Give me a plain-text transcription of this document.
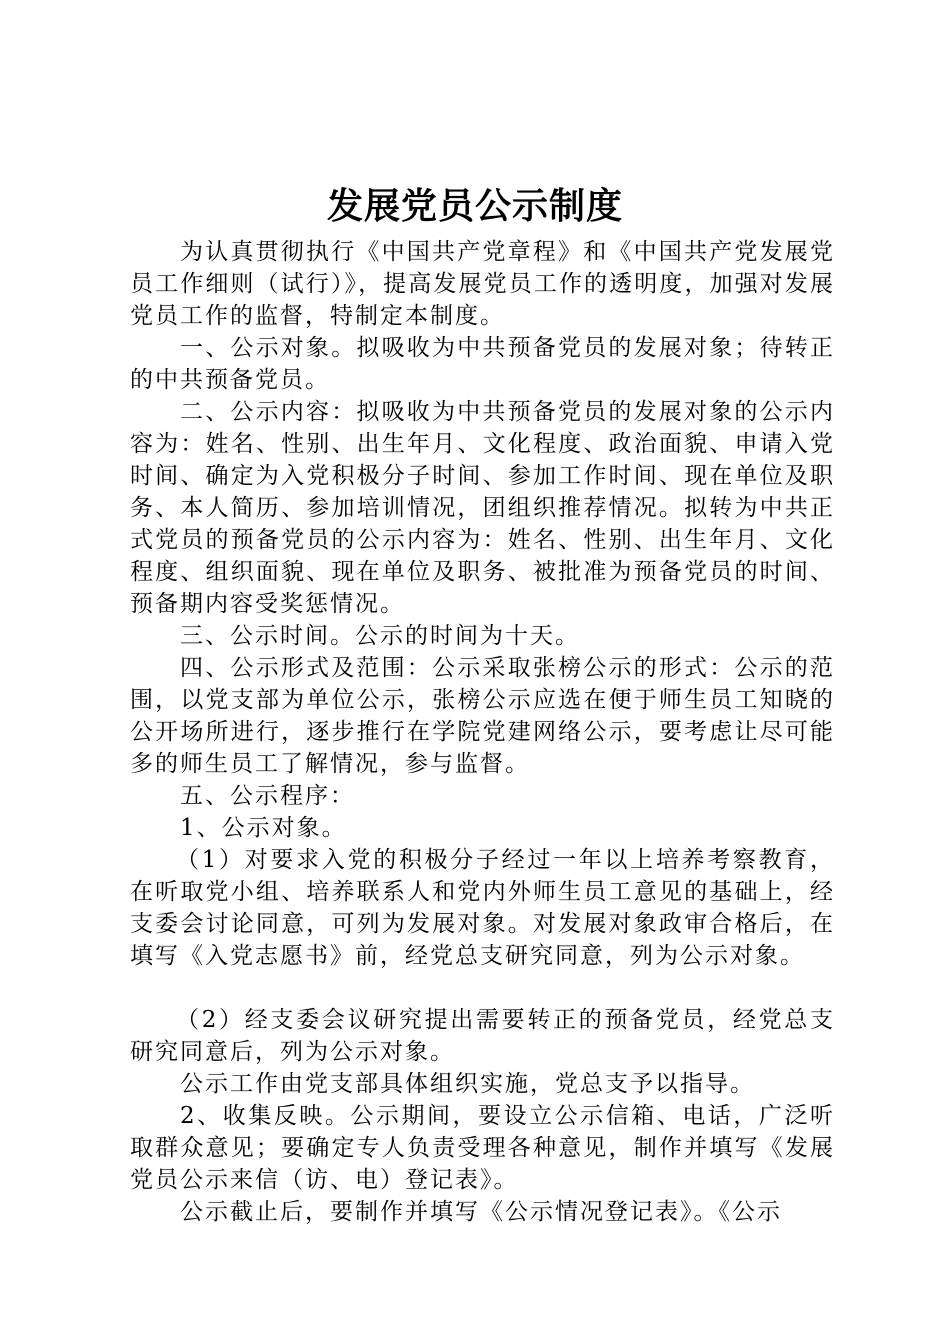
发展党员公示制度

为认真贯彻执行《中国共产党章程》和《中国共产党发展党员工作细则（试行）》，提高发展党员工作的透明度，加强对发展党员工作的监督，特制定本制度。

一、公示对象。拟吸收为中共预备党员的发展对象；待转正的中共预备党员。

二、公示内容：拟吸收为中共预备党员的发展对象的公示内容为：姓名、性别、出生年月、文化程度、政治面貌、申请入党时间、确定为入党积极分子时间、参加工作时间、现在单位及职务、本人简历、参加培训情况，团组织推荐情况。拟转为中共正式党员的预备党员的公示内容为：姓名、性别、出生年月、文化程度、组织面貌、现在单位及职务、被批准为预备党员的时间、预备期内容受奖惩情况。

三、公示时间。公示的时间为十天。

四、公示形式及范围：公示采取张榜公示的形式：公示的范围，以党支部为单位公示，张榜公示应选在便于师生员工知晓的公开场所进行，逐步推行在学院党建网络公示，要考虑让尽可能多的师生员工了解情况，参与监督。

五、公示程序：

1、公示对象。

（1）对要求入党的积极分子经过一年以上培养考察教育，在听取党小组、培养联系人和党内外师生员工意见的基础上，经支委会讨论同意，可列为发展对象。对发展对象政审合格后，在填写《入党志愿书》前，经党总支研究同意，列为公示对象。

（2）经支委会议研究提出需要转正的预备党员，经党总支研究同意后，列为公示对象。

公示工作由党支部具体组织实施，党总支予以指导。

2、收集反映。公示期间，要设立公示信箱、电话，广泛听取群众意见；要确定专人负责受理各种意见，制作并填写《发展党员公示来信（访、电）登记表》。

公示截止后，要制作并填写《公示情况登记表》。《公示
